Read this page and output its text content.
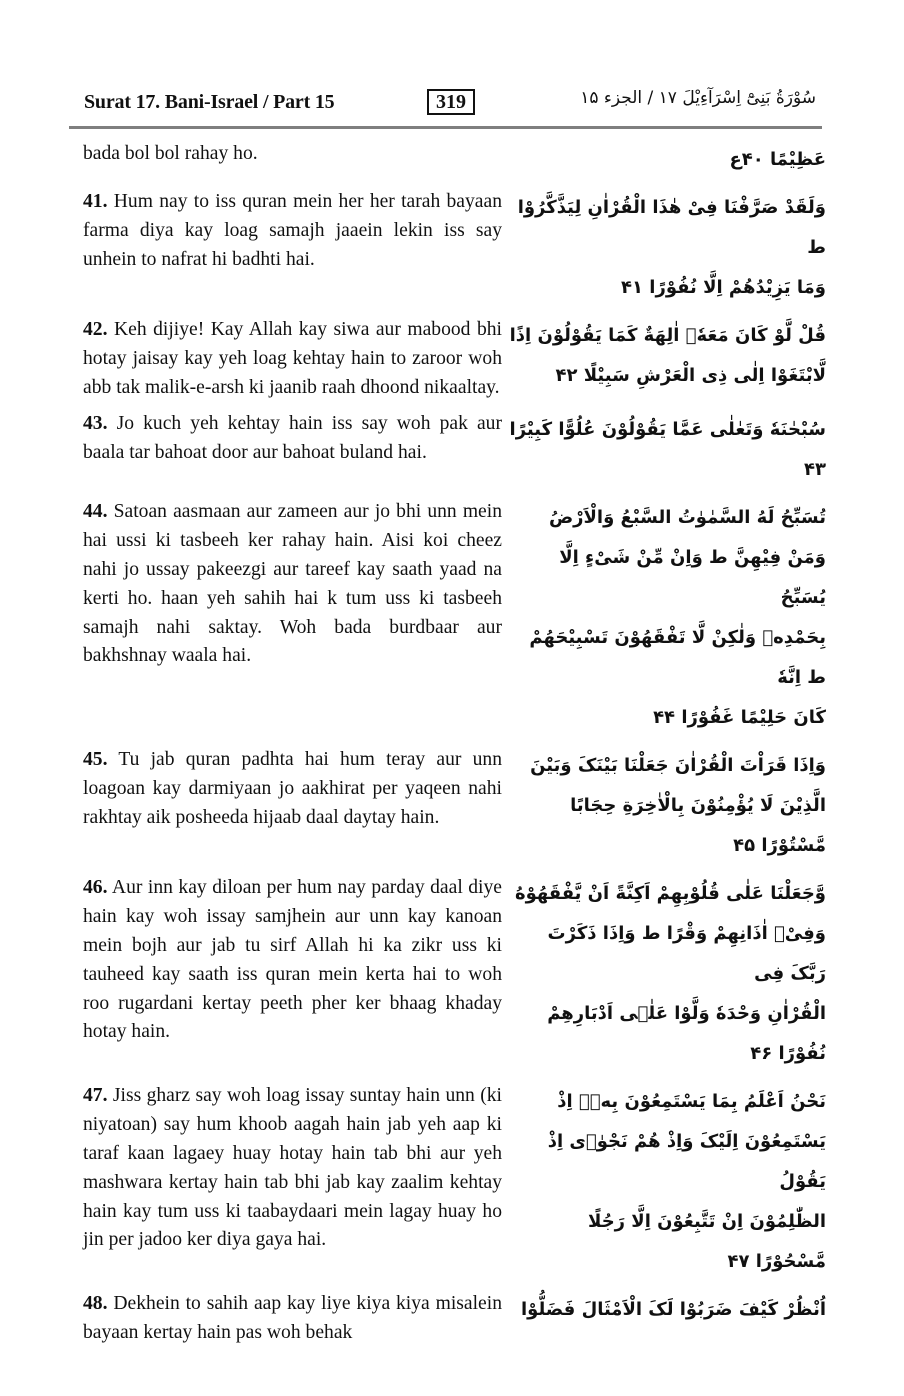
Surat 17. Bani-Israel / Part 15	319	سُوْرَةُ بَنِیْٓ اِسْرَآءِیْلَ ۱۷ / الجزء ۱۵
bada bol bol rahay ho.	عَظِیْمًا ۴۰ع
41. Hum nay to iss quran mein her her tarah bayaan farma diya kay loag samajh jaaein lekin iss say unhein to nafrat hi badhti hai.
وَلَقَدْ صَرَّفْنَا فِیْ ھٰذَا الْقُرْاٰنِ لِیَذَّکَّرُوْا ط
وَمَا یَزِیْدُھُمْ اِلَّا نُفُوْرًا ۴۱
42. Keh dijiye! Kay Allah kay siwa aur mabood bhi hotay jaisay kay yeh loag kehtay hain to zaroor woh abb tak malik-e-arsh ki jaanib raah dhoond nikaaltay.
قُلْ لَّوْ کَانَ مَعَهٗۤ اٰلِهَةٌ کَمَا یَقُوْلُوْنَ اِذًا
لَّابْتَغَوْا اِلٰی ذِی الْعَرْشِ سَبِیْلًا ۴۲
43. Jo kuch yeh kehtay hain iss say woh pak aur baala tar bahoat door aur bahoat buland hai.
سُبْحٰنَهٗ وَتَعٰلٰی عَمَّا یَقُوْلُوْنَ عُلُوًّا کَبِیْرًا ۴۳
44. Satoan aasmaan aur zameen aur jo bhi unn mein hai ussi ki tasbeeh ker rahay hain. Aisi koi cheez nahi jo ussay pakeezgi aur tareef kay saath yaad na kerti ho. haan yeh sahih hai k tum uss ki tasbeeh samajh nahi saktay. Woh bada burdbaar aur bakhshnay waala hai.
تُسَبِّحُ لَهُ السَّمٰوٰتُ السَّبْعُ وَالْاَرْضُ
وَمَنْ فِیْهِنَّ ط وَاِنْ مِّنْ شَیْءٍ اِلَّا یُسَبِّحُ
بِحَمْدِهٖ وَلٰکِنْ لَّا تَفْقَهُوْنَ تَسْبِیْحَهُمْ ط اِنَّهٗ
کَانَ حَلِیْمًا غَفُوْرًا ۴۴
45. Tu jab quran padhta hai hum teray aur unn loagoan kay darmiyaan jo aakhirat per yaqeen nahi rakhtay aik posheeda hijaab daal daytay hain.
وَاِذَا قَرَاْتَ الْقُرْاٰنَ جَعَلْنَا بَیْنَکَ وَبَیْنَ
الَّذِیْنَ لَا یُؤْمِنُوْنَ بِالْاٰخِرَةِ حِجَابًا
مَّسْتُوْرًا ۴۵
46. Aur inn kay diloan per hum nay parday daal diye hain kay woh issay samjhein aur unn kay kanoan mein bojh aur jab tu sirf Allah hi ka zikr uss ki tauheed kay saath iss quran mein kerta hai to woh roo rugardani kertay peeth pher ker bhaag khaday hotay hain.
وَّجَعَلْنَا عَلٰی قُلُوْبِهِمْ اَکِنَّةً اَنْ یَّفْقَهُوْهُ
وَفِیْۤ اٰذَانِهِمْ وَقْرًا ط وَاِذَا ذَکَرْتَ رَبَّکَ فِی
الْقُرْاٰنِ وَحْدَهٗ وَلَّوْا عَلٰۤی اَدْبَارِهِمْ
نُفُوْرًا ۴۶
47. Jiss gharz say woh loag issay suntay hain unn (ki niyatoan) say hum khoob aagah hain jab yeh aap ki taraf kaan lagaey huay hotay hain tab bhi aur yeh mashwara kertay hain tab bhi jab kay zaalim kehtay hain kay tum uss ki taabaydaari mein lagay huay ho jin per jadoo ker diya gaya hai.
نَحْنُ اَعْلَمُ بِمَا یَسْتَمِعُوْنَ بِهٖۤ اِذْ
یَسْتَمِعُوْنَ اِلَیْکَ وَاِذْ هُمْ نَجْوٰۤی اِذْ یَقُوْلُ
الظّٰلِمُوْنَ اِنْ تَتَّبِعُوْنَ اِلَّا رَجُلًا
مَّسْحُوْرًا ۴۷
48. Dekhein to sahih aap kay liye kiya kiya misalein bayaan kertay hain pas woh behak
اُنْظُرْ کَیْفَ ضَرَبُوْا لَکَ الْاَمْثَالَ فَضَلُّوْا
